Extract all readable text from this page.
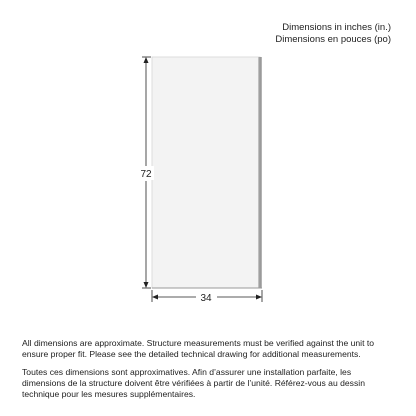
Dimensions in inches (in.)
Dimensions en pouces (po)
72
34

All dimensions are approximate. Structure measurements must be verified against the unit to ensure proper fit. Please see the detailed technical drawing for additional measurements.

Toutes ces dimensions sont approximatives. Afin d’assurer une installation parfaite, les dimensions de la structure doivent être vérifiées à partir de l’unité. Référez-vous au dessin technique pour les mesures supplémentaires.
